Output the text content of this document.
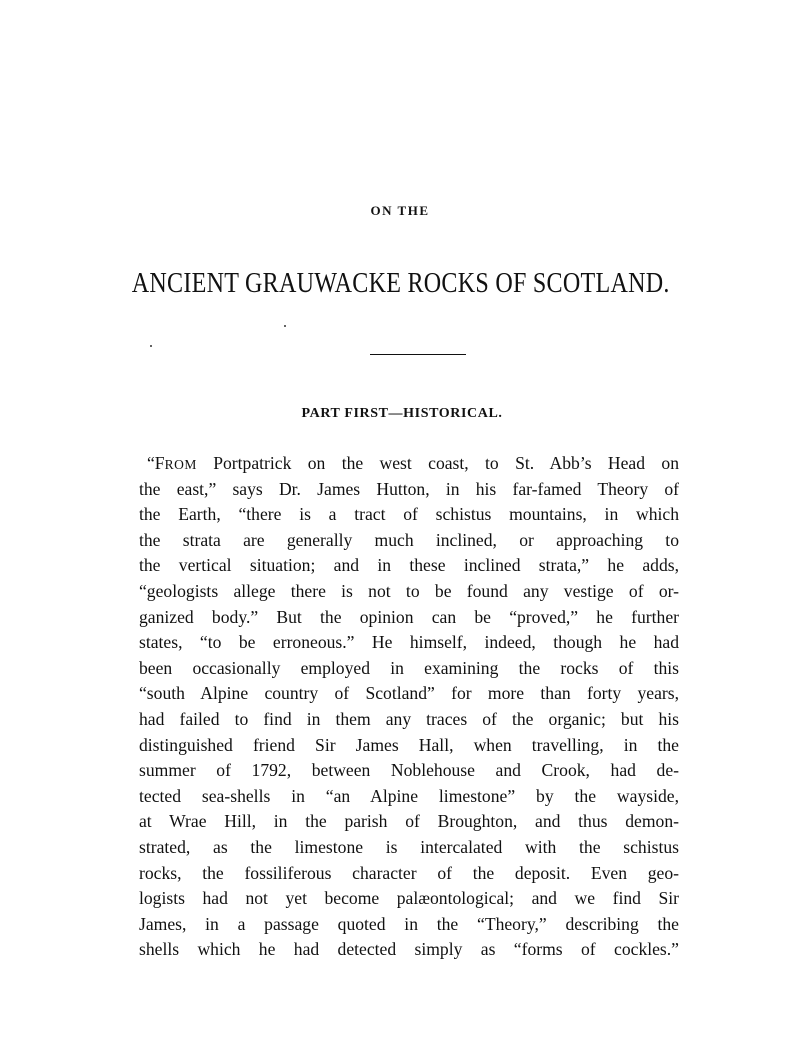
ON THE
ANCIENT GRAUWACKE ROCKS OF SCOTLAND.
PART FIRST—HISTORICAL.
“FROM Portpatrick on the west coast, to St. Abb’s Head on
the east,” says Dr. James Hutton, in his far-famed Theory of
the Earth, “there is a tract of schistus mountains, in which
the strata are generally much inclined, or approaching to
the vertical situation; and in these inclined strata,” he adds,
“geologists allege there is not to be found any vestige of or-
ganized body.” But the opinion can be “proved,” he further
states, “to be erroneous.” He himself, indeed, though he had
been occasionally employed in examining the rocks of this
“south Alpine country of Scotland” for more than forty years,
had failed to find in them any traces of the organic; but his
distinguished friend Sir James Hall, when travelling, in the
summer of 1792, between Noblehouse and Crook, had de-
tected sea-shells in “an Alpine limestone” by the wayside,
at Wrae Hill, in the parish of Broughton, and thus demon-
strated, as the limestone is intercalated with the schistus
rocks, the fossiliferous character of the deposit. Even geo-
logists had not yet become palæontological; and we find Sir
James, in a passage quoted in the “Theory,” describing the
shells which he had detected simply as “forms of cockles.”
